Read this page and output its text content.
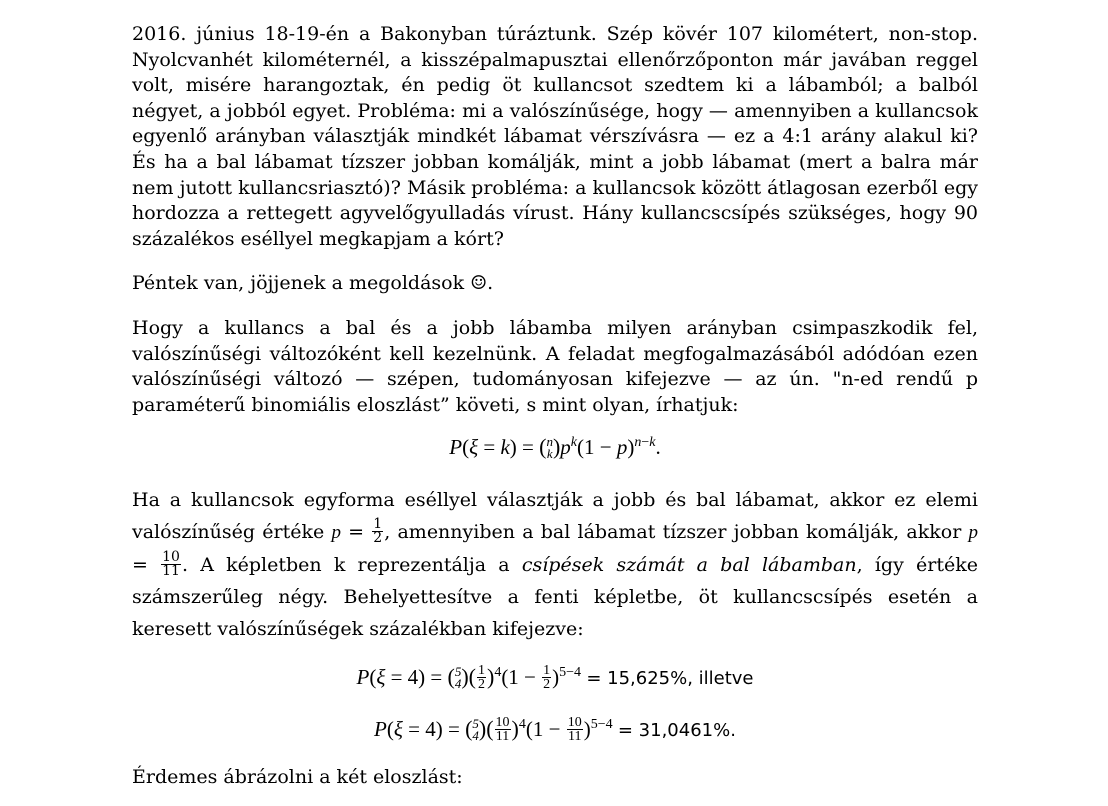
2016. június 18-19-én a Bakonyban túráztunk. Szép kövér 107 kilométert, non-stop. Nyolcvanhét kilométernél, a kisszépalmapusztai ellenőrzőponton már javában reggel volt, misére harangoztak, én pedig öt kullancsot szedtem ki a lábamból; a balból négyet, a jobból egyet. Probléma: mi a valószínűsége, hogy — amennyiben a kullancsok egyenlő arányban választják mindkét lábamat vérszívásra — ez a 4:1 arány alakul ki? És ha a bal lábamat tízszer jobban komálják, mint a jobb lábamat (mert a balra már nem jutott kullancsriasztó)? Másik probléma: a kullancsok között átlagosan ezerből egy hordozza a rettegett agyvelőgyulladás vírust. Hány kullancscsípés szükséges, hogy 90 százalékos eséllyel megkapjam a kórt?

Péntek van, jöjjenek a megoldások ☺.

Hogy a kullancs a bal és a jobb lábamba milyen arányban csimpaszkodik fel, valószínűségi változóként kell kezelnünk. A feladat megfogalmazásából adódóan ezen valószínűségi változó — szépen, tudományosan kifejezve — az ún. "n-ed rendű p paraméterű binomiális eloszlást” követi, s mint olyan, írhatjuk:

P(ξ = k) = ( n
k )$p^k(1 - p)^{n-k}$.

Ha a kullancsok egyforma eséllyel választják a jobb és bal lábamat, akkor ez elemi valószínűség értéke $p = \frac{1}{2}$ , amennyiben a bal lábamat tízszer jobban komálják, akkor $p = \frac{10}{11}$ . A képletben k reprezentálja a csípések számát a bal lábamban, így értéke számszerűleg négy. Behelyettesítve a fenti képletbe, öt kullancscsípés esetén a keresett valószínűségek százalékban kifejezve:

P(ξ = 4) = ( 5
4 )( $\frac{1}{2} )^4(1 - \frac{1}{2} )^{5-4} = 15,625\%$, illetve
P(ξ = 4) = ( 5
4 )( $\frac{10}{11} )^4(1 - \frac{10}{11} )^{5-4} = 31,0461\%$.

Érdemes ábrázolni a két eloszlást:
